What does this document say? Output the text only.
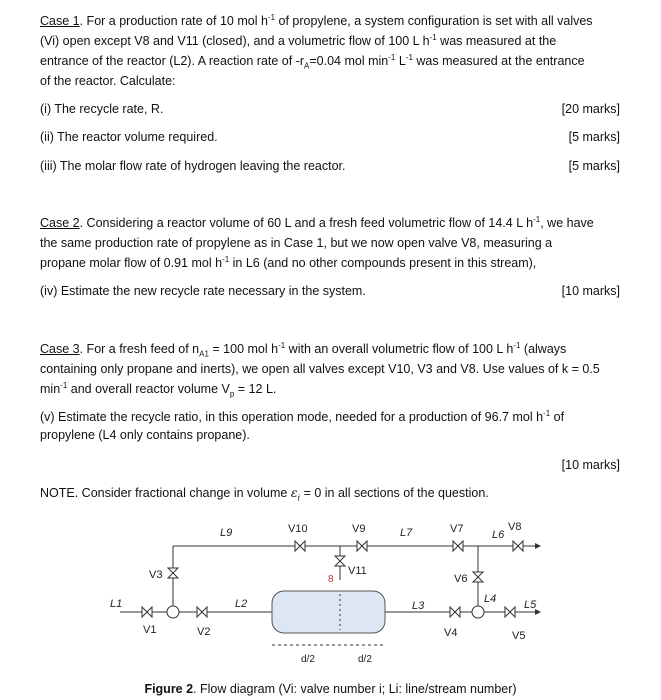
Case 1. For a production rate of 10 mol $h^{-1}$ of propylene, a system configuration is set with all valves
(Vi) open except V8 and V11 (closed), and a volumetric flow of 100 L $h^{-1}$ was measured at the
entrance of the reactor (L2). A reaction rate of $-r_A=0.04$ mol $\min^{-1} L^{-1}$ was measured at the entrance
of the reactor. Calculate:
(i) The recycle rate, R.	[20 marks]
(ii) The reactor volume required.	[5 marks]
(iii) The molar flow rate of hydrogen leaving the reactor.	[5 marks]
Case 2. Considering a reactor volume of 60 L and a fresh feed volumetric flow of 14.4 L $h^{-1}$, we have
the same production rate of propylene as in Case 1, but we now open valve V8, measuring a
propane molar flow of 0.91 mol $h^{-1}$ in L6 (and no other compounds present in this stream),
(iv) Estimate the new recycle rate necessary in the system.	[10 marks]
Case 3. For a fresh feed of $n_{A1} = 100$ mol $h^{-1}$ with an overall volumetric flow of 100 L $h^{-1}$ (always
containing only propane and inerts), we open all valves except V10, V3 and V8. Use values of k = 0.5
$\min^{-1}$ and overall reactor volume $V_p = 12$ L.
(v) Estimate the recycle ratio, in this operation mode, needed for a production of 96.7 mol $h^{-1}$ of
propylene (L4 only contains propane).
[10 marks]
NOTE. Consider fractional change in volume $\varepsilon_i = 0$ in all sections of the question.
L1	L2	L3
L4	L5
L6
L7
L9
V1	V2
V3
V4	V5
V6
V7	V8
V9
V10
V11
8
d/2	d/2
Figure 2. Flow diagram (Vi: valve number i; Li: line/stream number)
